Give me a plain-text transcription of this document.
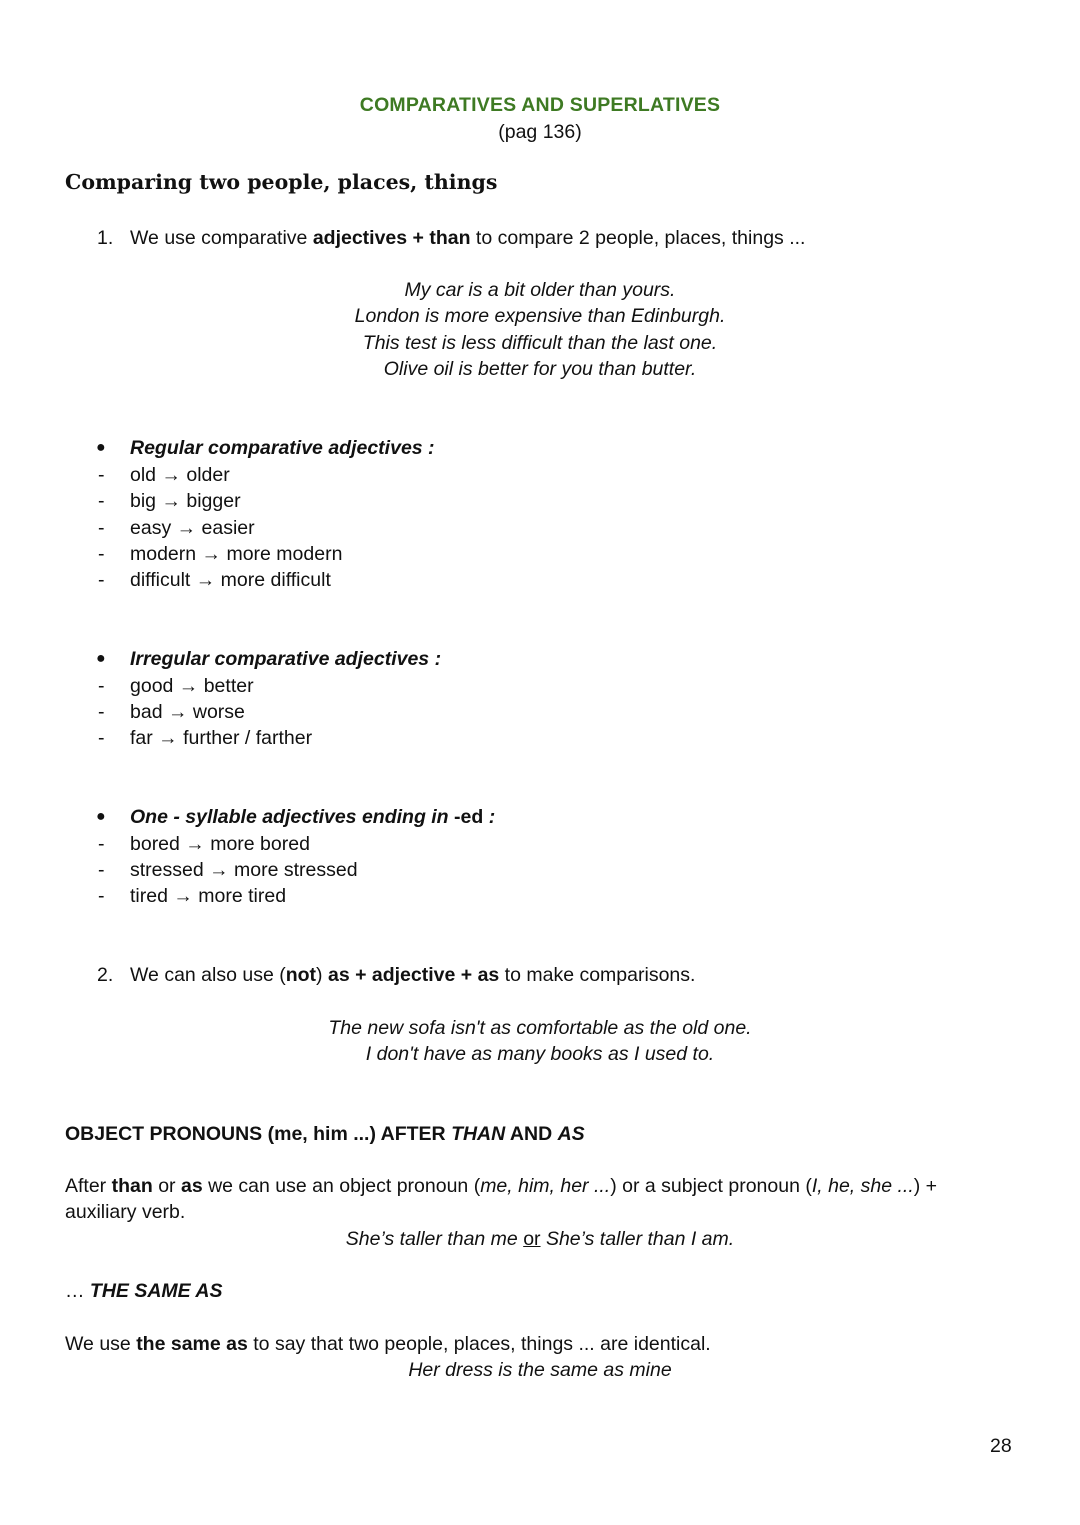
COMPARATIVES AND SUPERLATIVES
(pag 136)
Comparing two people, places, things
1. We use comparative adjectives + than to compare 2 people, places, things ...
My car is a bit older than yours.
London is more expensive than Edinburgh.
This test is less difficult than the last one.
Olive oil is better for you than butter.
● Regular comparative adjectives :
- old → older
- big → bigger
- easy → easier
- modern → more modern
- difficult → more difficult
● Irregular comparative adjectives :
- good → better
- bad → worse
- far → further / farther
● One - syllable adjectives ending in -ed :
- bored → more bored
- stressed → more stressed
- tired → more tired
2. We can also use (not) as + adjective + as to make comparisons.
The new sofa isn't as comfortable as the old one.
I don't have as many books as I used to.
OBJECT PRONOUNS (me, him ...) AFTER THAN AND AS
After than or as we can use an object pronoun (me, him, her ...) or a subject pronoun (I, he, she ...) +
auxiliary verb.
She’s taller than me or She’s taller than I am.
… THE SAME AS
We use the same as to say that two people, places, things ... are identical.
Her dress is the same as mine
28
